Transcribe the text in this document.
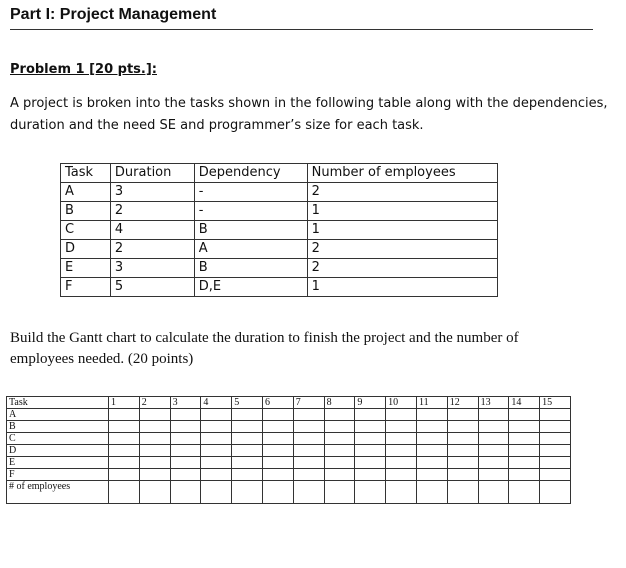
Part I: Project Management
Problem 1 [20 pts.]:
A project is broken into the tasks shown in the following table along with the dependencies, duration and the need SE and programmer’s size for each task.
Task	Duration	Dependency	Number of employees
A	3	-	2
B	2	-	1
C	4	B	1
D	2	A	2
E	3	B	2
F	5	D,E	1
Build the Gantt chart to calculate the duration to finish the project and the number of employees needed. (20 points)
Task	1	2	3	4	5	6	7	8	9	10	11	12	13	14	15
A															
B															
C															
D															
E															
F															
# of employees															
